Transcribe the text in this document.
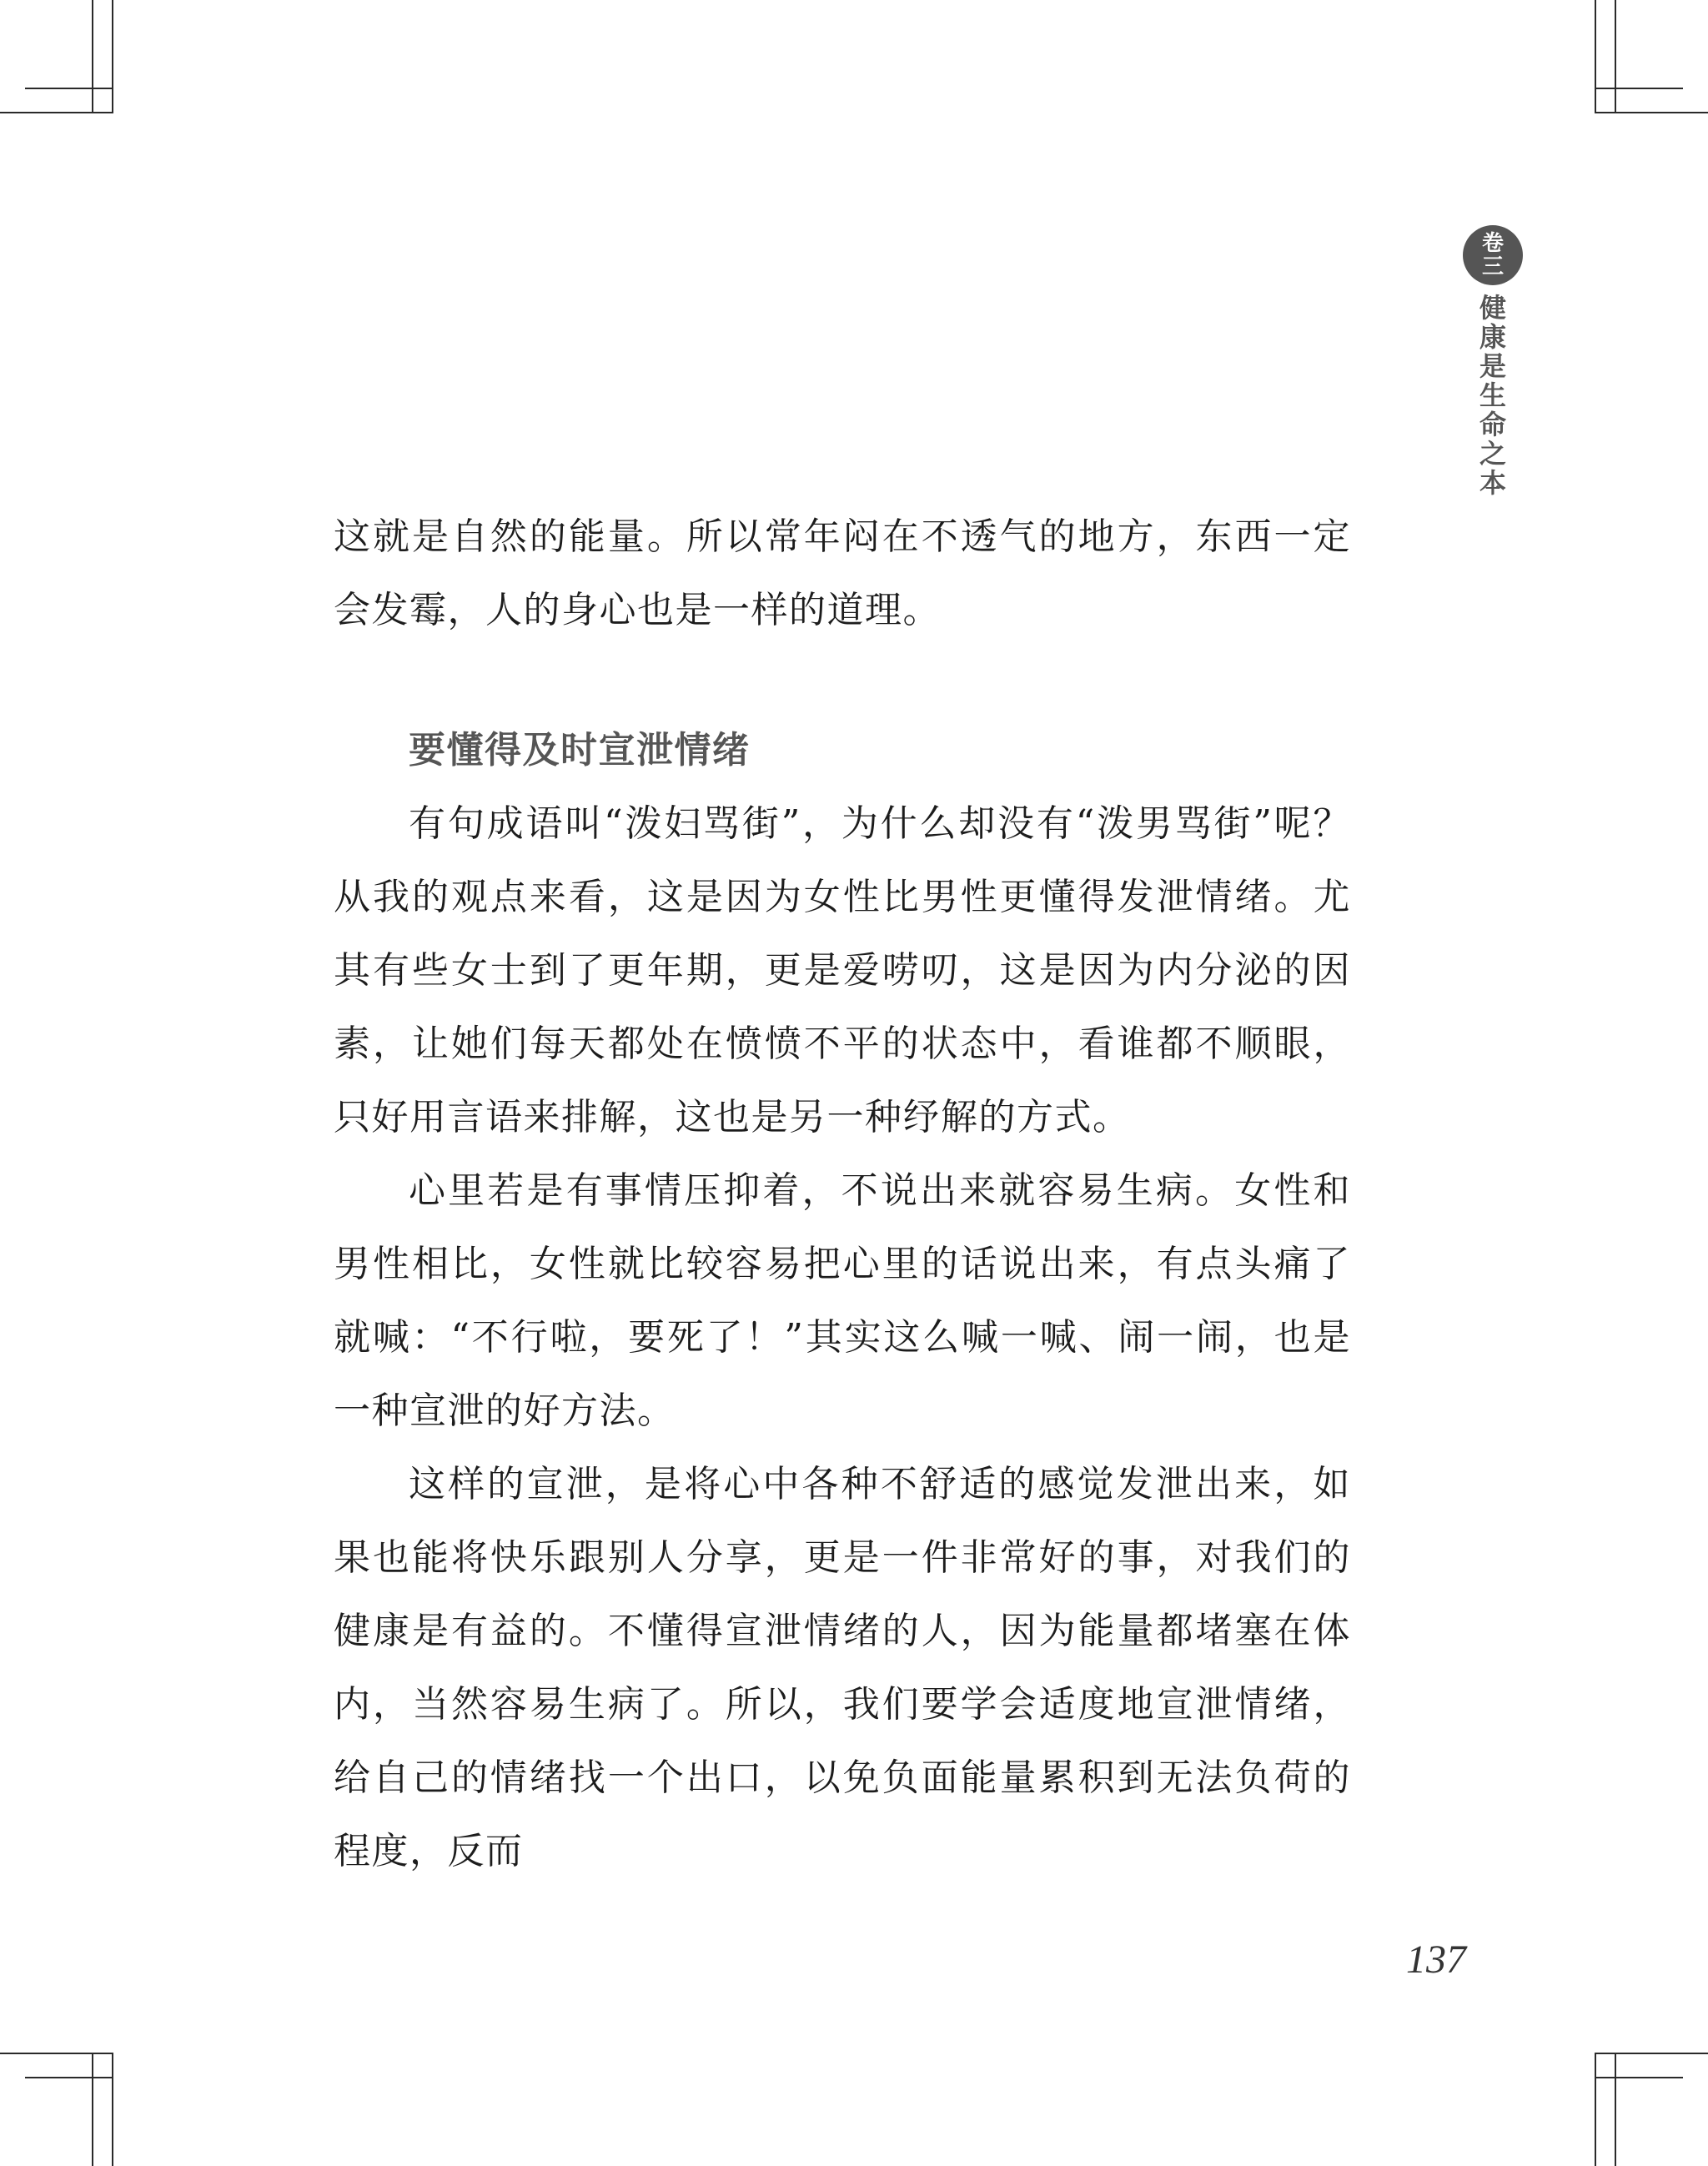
卷
三
健
康
是
生
命
之
本

这就是自然的能量。所以常年闷在不透气的地方，东西一定会发霉，人的身心也是一样的道理。

要懂得及时宣泄情绪

有句成语叫“泼妇骂街”，为什么却没有“泼男骂街”呢？从我的观点来看，这是因为女性比男性更懂得发泄情绪。尤其有些女士到了更年期，更是爱唠叨，这是因为内分泌的因素，让她们每天都处在愤愤不平的状态中，看谁都不顺眼，只好用言语来排解，这也是另一种纾解的方式。

心里若是有事情压抑着，不说出来就容易生病。女性和男性相比，女性就比较容易把心里的话说出来，有点头痛了就喊：“不行啦，要死了！”其实这么喊一喊、闹一闹，也是一种宣泄的好方法。

这样的宣泄，是将心中各种不舒适的感觉发泄出来，如果也能将快乐跟别人分享，更是一件非常好的事，对我们的健康是有益的。不懂得宣泄情绪的人，因为能量都堵塞在体内，当然容易生病了。所以，我们要学会适度地宣泄情绪，给自己的情绪找一个出口，以免负面能量累积到无法负荷的程度，反而

137
